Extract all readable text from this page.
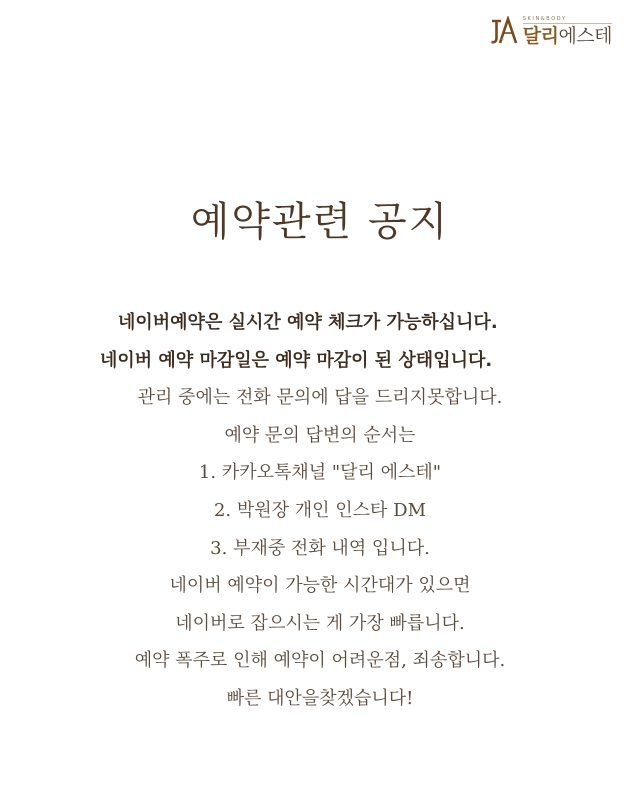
SKIN&BODY
달리에스테
예약관련 공지
네이버예약은 실시간 예약 체크가 가능하십니다.
네이버 예약 마감일은 예약 마감이 된 상태입니다.
관리 중에는 전화 문의에 답을 드리지못합니다.
예약 문의 답변의 순서는
1. 카카오톡채널 "달리 에스테"
2. 박원장 개인 인스타 DM
3. 부재중 전화 내역 입니다.
네이버 예약이 가능한 시간대가 있으면
네이버로 잡으시는 게 가장 빠릅니다.
예약 폭주로 인해 예약이 어려운점, 죄송합니다.
빠른 대안을찾겠습니다!
